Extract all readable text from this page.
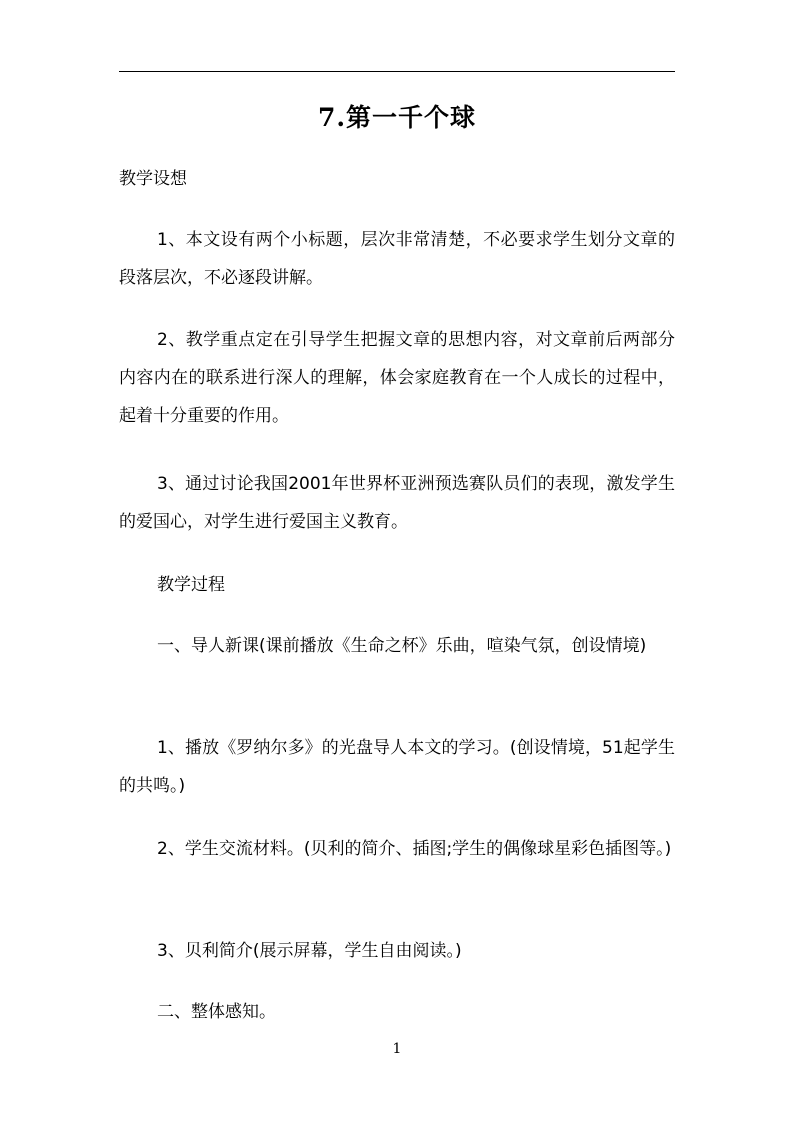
7.第一千个球
教学设想
1、本文设有两个小标题，层次非常清楚，不必要求学生划分文章的段落层次，不必逐段讲解。
2、教学重点定在引导学生把握文章的思想内容，对文章前后两部分内容内在的联系进行深人的理解，体会家庭教育在一个人成长的过程中，起着十分重要的作用。
3、通过讨论我国2001年世界杯亚洲预选赛队员们的表现，激发学生的爱国心，对学生进行爱国主义教育。
教学过程
一、导人新课(课前播放《生命之杯》乐曲，喧染气氛，创设情境)
1、播放《罗纳尔多》的光盘导人本文的学习。(创设情境，51起学生的共鸣。)
2、学生交流材料。(贝利的简介、插图;学生的偶像球星彩色插图等。)
3、贝利简介(展示屏幕，学生自由阅读。)
二、整体感知。
1
